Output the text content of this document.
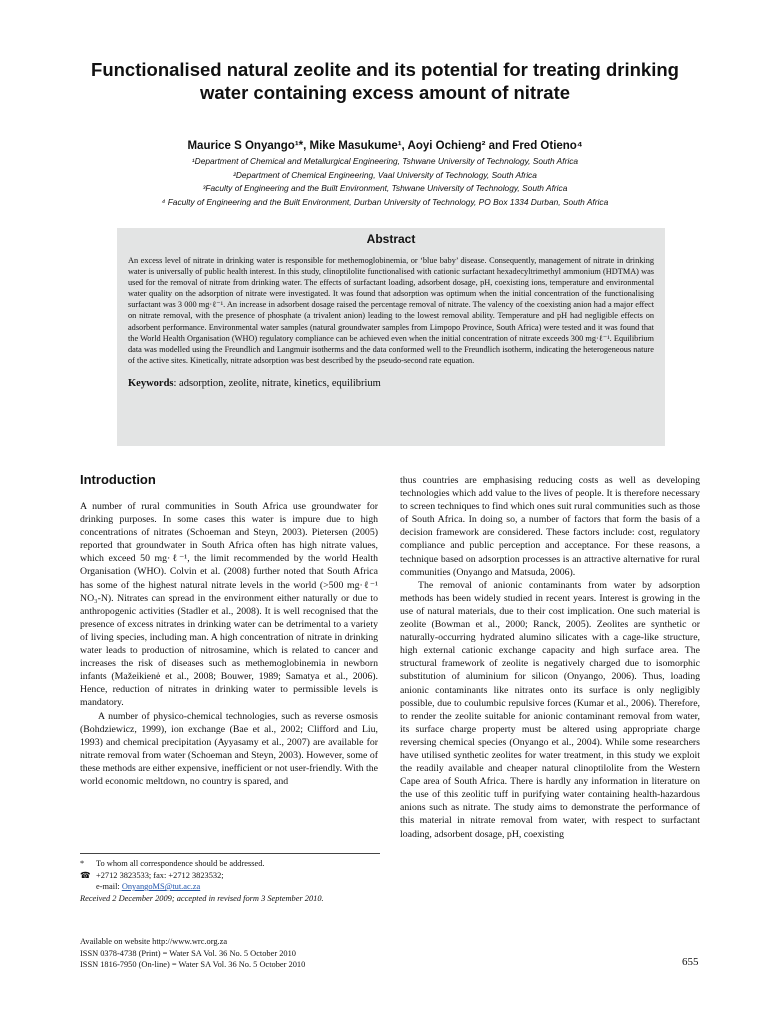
Functionalised natural zeolite and its potential for treating drinking water containing excess amount of nitrate
Maurice S Onyango¹*, Mike Masukume¹, Aoyi Ochieng² and Fred Otieno⁴
¹Department of Chemical and Metallurgical Engineering, Tshwane University of Technology, South Africa
²Department of Chemical Engineering, Vaal University of Technology, South Africa
³Faculty of Engineering and the Built Environment, Tshwane University of Technology, South Africa
⁴ Faculty of Engineering and the Built Environment, Durban University of Technology, PO Box 1334 Durban, South Africa
Abstract

An excess level of nitrate in drinking water is responsible for methemoglobinemia, or ‘blue baby’ disease. Consequently, management of nitrate in drinking water is universally of public health interest. In this study, clinoptilolite functionalised with cationic surfactant hexadecyltrimethyl ammonium (HDTMA) was used for the removal of nitrate from drinking water. The effects of surfactant loading, adsorbent dosage, pH, coexisting ions, temperature and environmental water quality on the adsorption of nitrate were investigated. It was found that adsorption was optimum when the initial concentration of the functionalising surfactant was 3 000 mg·ℓ⁻¹. An increase in adsorbent dosage raised the percentage removal of nitrate. The valency of the coexisting anion had a major effect on nitrate removal, with the presence of phosphate (a trivalent anion) leading to the lowest removal ability. Temperature and pH had negligible effects on adsorbent performance. Environmental water samples (natural groundwater samples from Limpopo Province, South Africa) were tested and it was found that the World Health Organisation (WHO) regulatory compliance can be achieved even when the initial concentration of nitrate exceeds 300 mg·ℓ⁻¹. Equilibrium data was modelled using the Freundlich and Langmuir isotherms and the data conformed well to the Freundlich isotherm, indicating the heterogeneous nature of the active sites. Kinetically, nitrate adsorption was best described by the pseudo-second rate equation.

Keywords: adsorption, zeolite, nitrate, kinetics, equilibrium

Introduction

A number of rural communities in South Africa use groundwater for drinking purposes. In some cases this water is impure due to high concentrations of nitrates (Schoeman and Steyn, 2003). Pietersen (2005) reported that groundwater in South Africa often has high nitrate values, which exceed 50 mg·ℓ⁻¹, the limit recommended by the world Health Organisation (WHO). Colvin et al. (2008) further noted that South Africa has some of the highest natural nitrate levels in the world (>500 mg·ℓ⁻¹ NO₃-N). Nitrates can spread in the environment either naturally or due to anthropogenic activities (Stadler et al., 2008). It is well recognised that the presence of excess nitrates in drinking water can be detrimental to a variety of living species, including man. A high concentration of nitrate in drinking water leads to production of nitrosamine, which is related to cancer and increases the risk of diseases such as methemoglobinemia in newborn infants (Mažeikienė et al., 2008; Bouwer, 1989; Samatya et al., 2006). Hence, reduction of nitrates in drinking water to permissible levels is mandatory.

A number of physico-chemical technologies, such as reverse osmosis (Bohdziewicz, 1999), ion exchange (Bae et al., 2002; Clifford and Liu, 1993) and chemical precipitation (Ayyasamy et al., 2007) are available for nitrate removal from water (Schoeman and Steyn, 2003). However, some of these methods are either expensive, inefficient or not user-friendly. With the world economic meltdown, no country is spared, and

thus countries are emphasising reducing costs as well as developing technologies which add value to the lives of people. It is therefore necessary to screen techniques to find which ones suit rural communities such as those of South Africa. In doing so, a number of factors that form the basis of a decision framework are considered. These factors include: cost, regulatory compliance and public perception and acceptance. For these reasons, a technique based on adsorption processes is an attractive alternative for rural communities (Onyango and Matsuda, 2006).

The removal of anionic contaminants from water by adsorption methods has been widely studied in recent years. Interest is growing in the use of natural materials, due to their cost implication. One such material is zeolite (Bowman et al., 2000; Ranck, 2005). Zeolites are synthetic or naturally-occurring hydrated alumino silicates with a cage-like structure, high external cationic exchange capacity and high surface area. The structural framework of zeolite is negatively charged due to isomorphic substitution of aluminium for silicon (Onyango, 2006). Thus, loading anionic contaminants like nitrates onto its surface is only negligibly possible, due to coulumbic repulsive forces (Kumar et al., 2006). Therefore, to render the zeolite suitable for anionic contaminant removal from water, its surface charge property must be altered using appropriate charge reversing chemical species (Onyango et al., 2004). While some researchers have utilised synthetic zeolites for water treatment, in this study we exploit the readily available and cheaper natural clinoptilolite from the Western Cape area of South Africa. There is hardly any information in literature on the use of this zeolitic tuff in purifying water containing health-hazardous anions such as nitrate. The study aims to demonstrate the performance of this material in nitrate removal from water, with respect to surfactant loading, adsorbent dosage, pH, coexisting

* To whom all correspondence should be addressed.
☎ +2712 3823533; fax: +2712 3823532;
e-mail: OnyangoMS@tut.ac.za
Received 2 December 2009; accepted in revised form 3 September 2010.
Available on website http://www.wrc.org.za
ISSN 0378-4738 (Print) = Water SA Vol. 36 No. 5 October 2010
ISSN 1816-7950 (On-line) = Water SA Vol. 36 No. 5 October 2010	655
